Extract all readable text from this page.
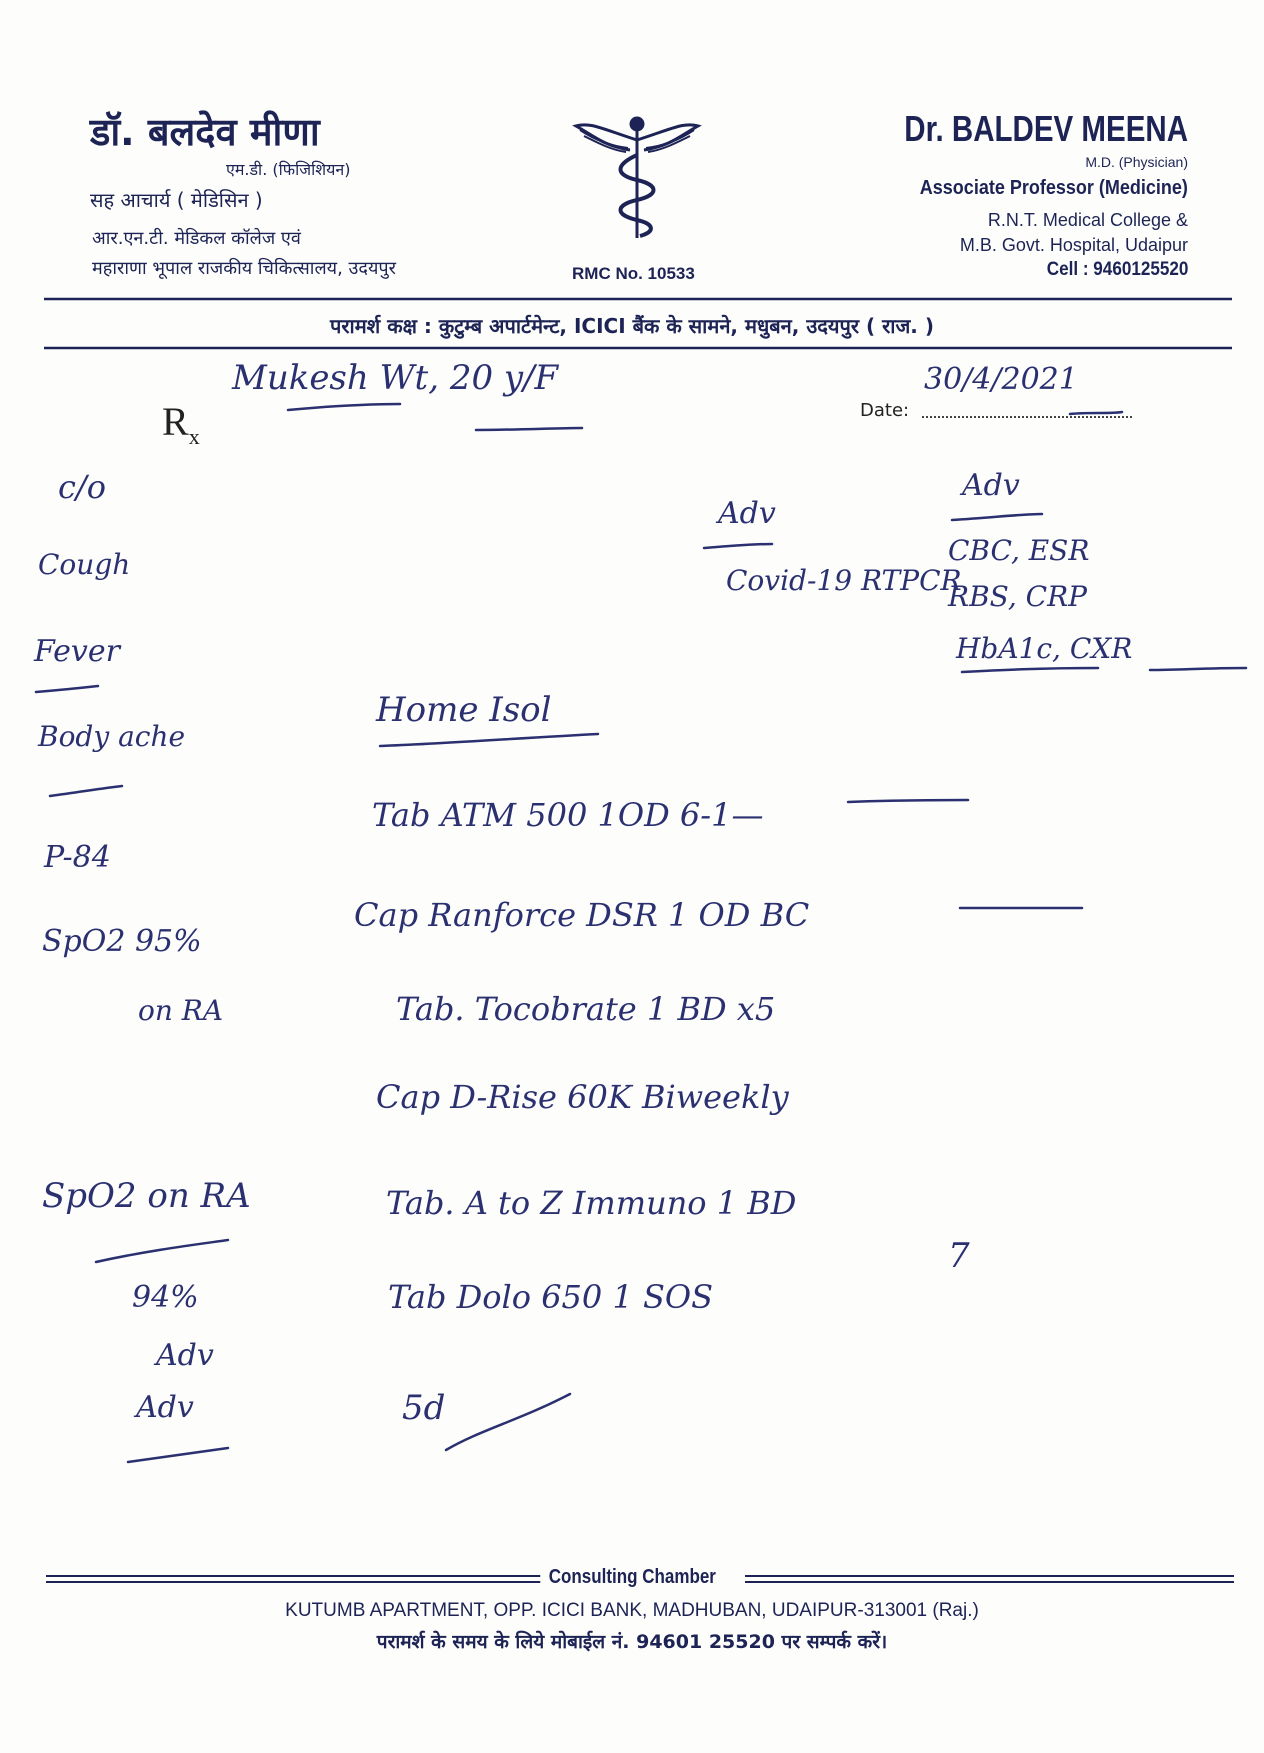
डॉ. बलदेव मीणा
एम.डी. (फिजिशियन)
सह आचार्य ( मेडिसिन )
आर.एन.टी. मेडिकल कॉलेज एवं
महाराणा भूपाल राजकीय चिकित्सालय, उदयपुर
Dr. BALDEV MEENA
M.D. (Physician)
Associate Professor (Medicine)
R.N.T. Medical College &
M.B. Govt. Hospital, Udaipur
Cell : 9460125520
RMC No. 10533
परामर्श कक्ष : कुटुम्ब अपार्टमेन्ट, ICICI बैंक के सामने, मधुबन, उदयपुर ( राज. )
$R_x$
Date:
30/4/2021
Mukesh Wt, 20 y/F
c/o
Cough
Fever
Body ache
P-84
SpO2 95%
on RA
SpO2 on RA
94%
Adv
Adv
Adv
Covid-19 RTPCR
Adv
CBC, ESR
RBS, CRP
HbA1c, CXR
Home Isol
Tab ATM 500 1OD 6-1—
Cap Ranforce DSR 1 OD BC
Tab. Tocobrate 1 BD x5
Cap D-Rise 60K Biweekly
Tab. A to Z Immuno 1 BD
Tab Dolo 650 1 SOS
5d
7
Consulting Chamber
KUTUMB APARTMENT, OPP. ICICI BANK, MADHUBAN, UDAIPUR-313001 (Raj.)
परामर्श के समय के लिये मोबाईल नं. 94601 25520 पर सम्पर्क करें।
